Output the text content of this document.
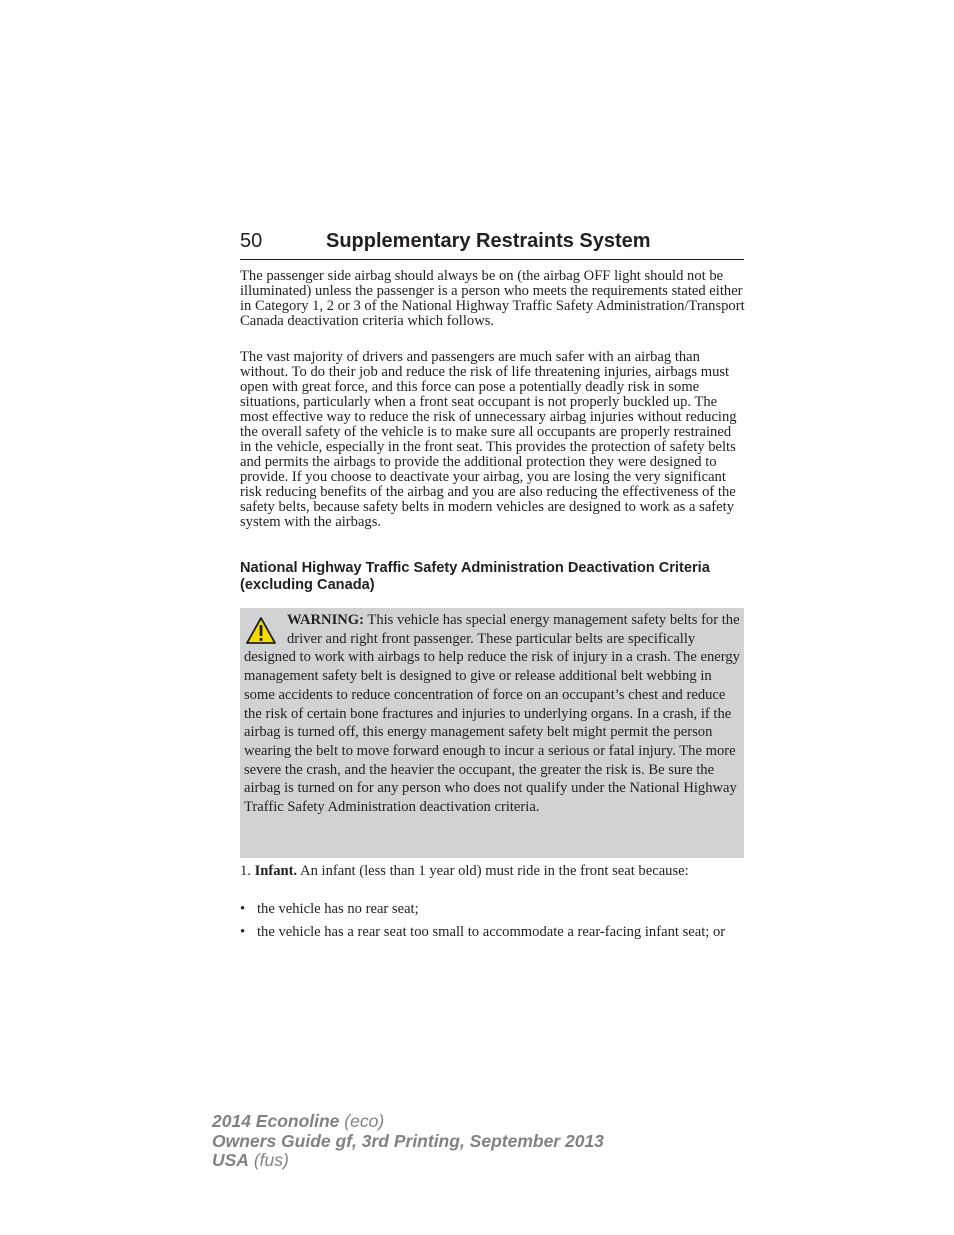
50	Supplementary Restraints System

The passenger side airbag should always be on (the airbag OFF light should not be illuminated) unless the passenger is a person who meets the requirements stated either in Category 1, 2 or 3 of the National Highway Traffic Safety Administration/Transport Canada deactivation criteria which follows.

The vast majority of drivers and passengers are much safer with an airbag than without. To do their job and reduce the risk of life threatening injuries, airbags must open with great force, and this force can pose a potentially deadly risk in some situations, particularly when a front seat occupant is not properly buckled up. The most effective way to reduce the risk of unnecessary airbag injuries without reducing the overall safety of the vehicle is to make sure all occupants are properly restrained in the vehicle, especially in the front seat. This provides the protection of safety belts and permits the airbags to provide the additional protection they were designed to provide. If you choose to deactivate your airbag, you are losing the very significant risk reducing benefits of the airbag and you are also reducing the effectiveness of the safety belts, because safety belts in modern vehicles are designed to work as a safety system with the airbags.

National Highway Traffic Safety Administration Deactivation Criteria (excluding Canada)
WARNING: This vehicle has special energy management safety belts for the driver and right front passenger. These particular belts are specifically designed to work with airbags to help reduce the risk of injury in a crash. The energy management safety belt is designed to give or release additional belt webbing in some accidents to reduce concentration of force on an occupant’s chest and reduce the risk of certain bone fractures and injuries to underlying organs. In a crash, if the airbag is turned off, this energy management safety belt might permit the person wearing the belt to move forward enough to incur a serious or fatal injury. The more severe the crash, and the heavier the occupant, the greater the risk is. Be sure the airbag is turned on for any person who does not qualify under the National Highway Traffic Safety Administration deactivation criteria.

1. Infant. An infant (less than 1 year old) must ride in the front seat because:

• the vehicle has no rear seat;
• the vehicle has a rear seat too small to accommodate a rear-facing infant seat; or
2014 Econoline (eco)
Owners Guide gf, 3rd Printing, September 2013
USA (fus)
